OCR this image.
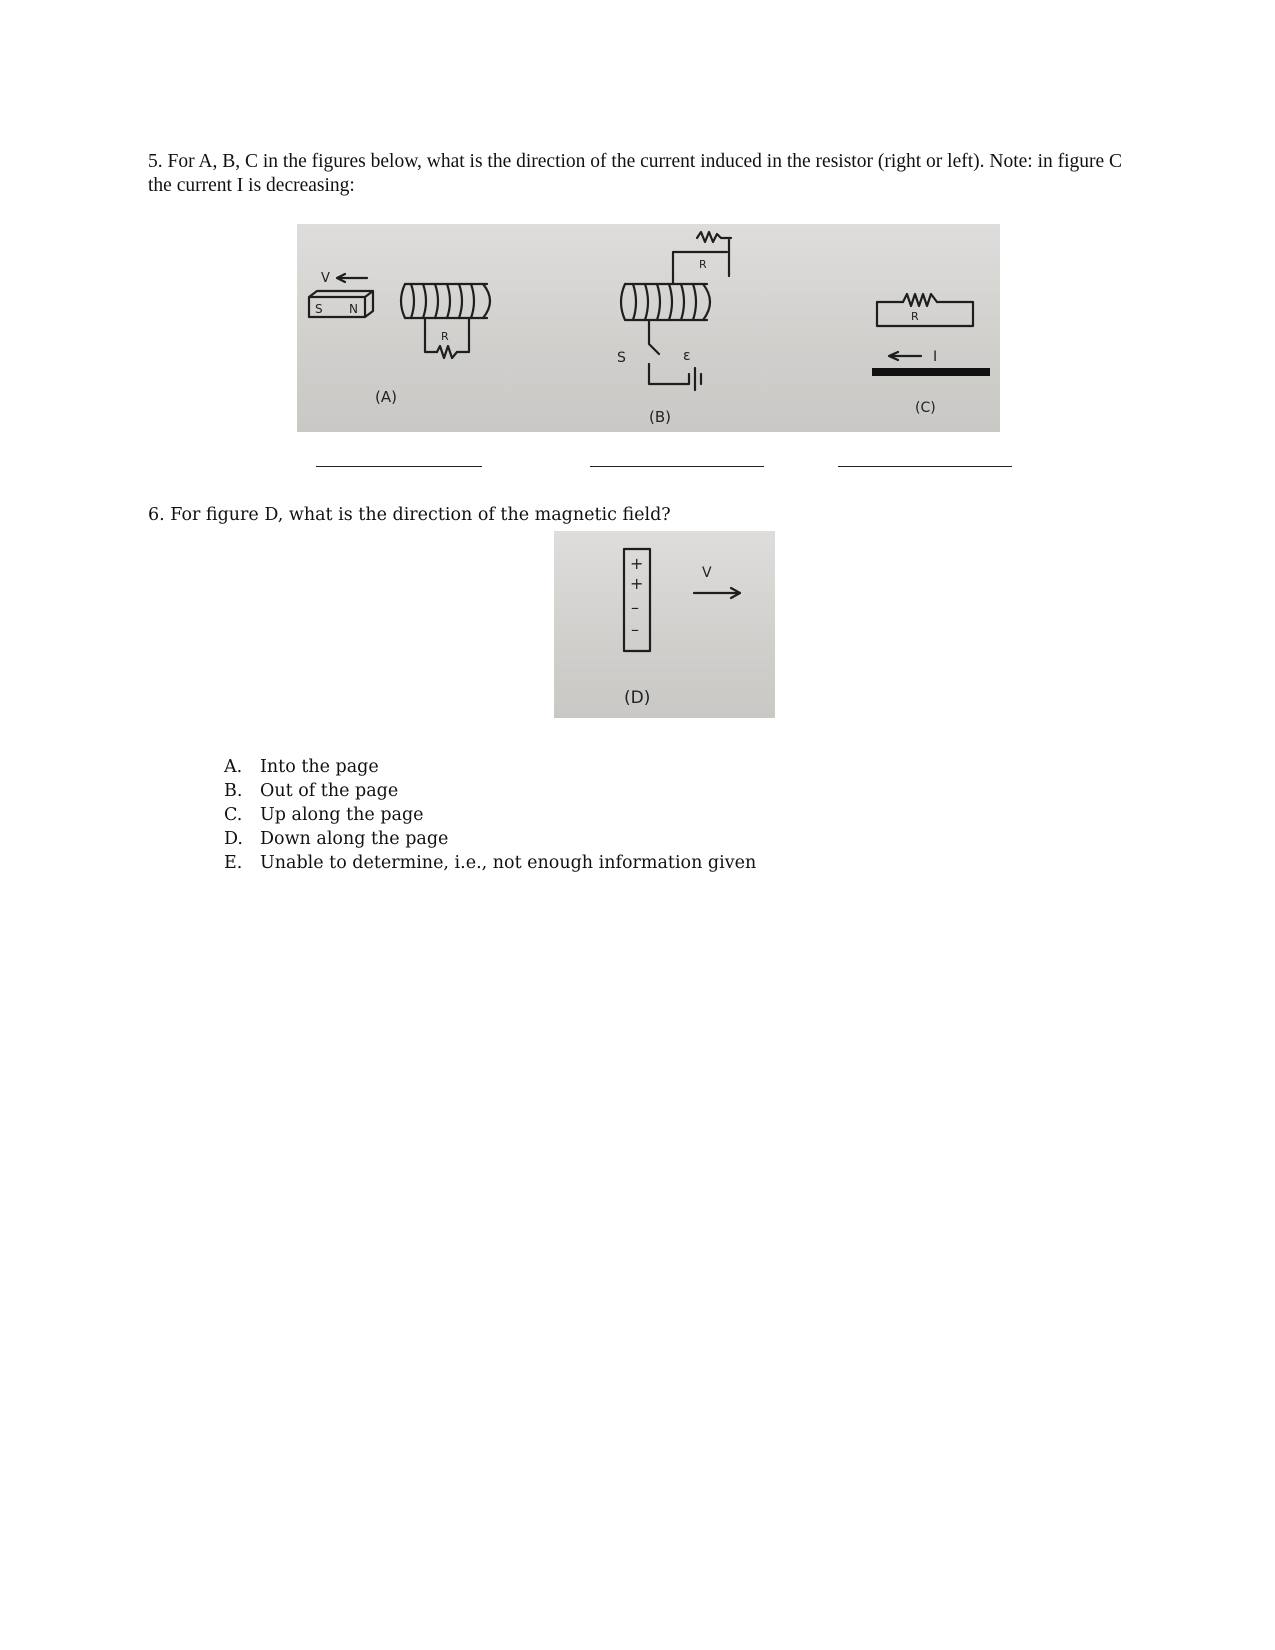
5. For A, B, C in the figures below, what is the direction of the current induced in the resistor (right or left). Note: in figure C the current I is decreasing:
V
S N
R
(A)
R
S	ε
(B)
R
I
(C)
6. For figure D, what is the direction of the magnetic field?
+
+
–
–
V
(D)
A.	Into the page
B.	Out of the page
C.	Up along the page
D. Down along the page
E.	Unable to determine, i.e., not enough information given
